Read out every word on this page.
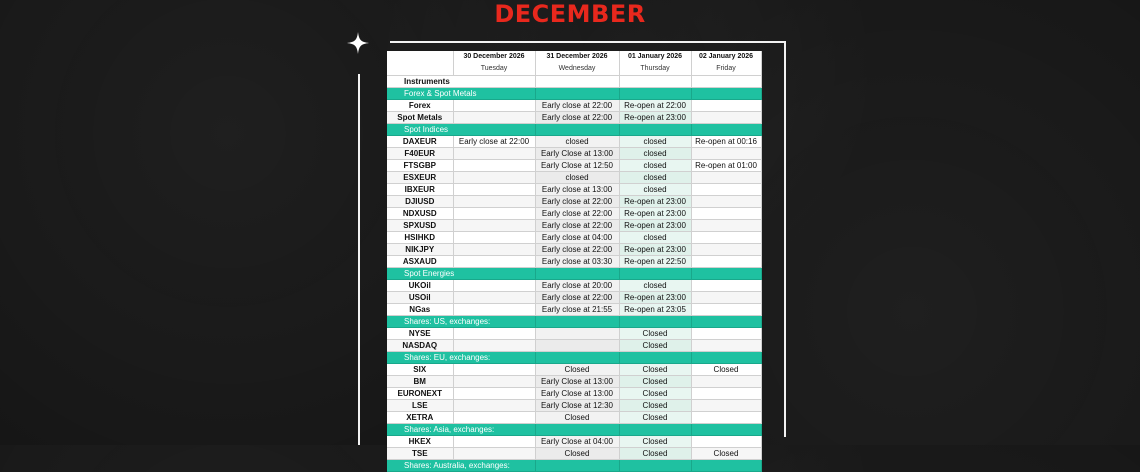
DECEMBER
	30 December 2026	31 December 2026	01 January 2026	02 January 2026
	Tuesday	Wednesday	Thursday	Friday
Instruments				
Forex & Spot Metals				
Forex		Early close at 22:00	Re-open at 22:00	
Spot Metals		Early close at 22:00	Re-open at 23:00	
Spot Indices				
DAXEUR	Early close at 22:00	closed	closed	Re-open at 00:16
F40EUR		Early Close at 13:00	closed	
FTSGBP		Early Close at 12:50	closed	Re-open at 01:00
ESXEUR		closed	closed	
IBXEUR		Early close at 13:00	closed	
DJIUSD		Early close at 22:00	Re-open at 23:00	
NDXUSD		Early close at 22:00	Re-open at 23:00	
SPXUSD		Early close at 22:00	Re-open at 23:00	
HSIHKD		Early close at 04:00	closed	
NIKJPY		Early close at 22:00	Re-open at 23:00	
ASXAUD		Early close at 03:30	Re-open at 22:50	
Spot Energies				
UKOil		Early close at 20:00	closed	
USOil		Early close at 22:00	Re-open at 23:00	
NGas		Early close at 21:55	Re-open at 23:05	
Shares: US, exchanges:				
NYSE			Closed	
NASDAQ			Closed	
Shares: EU, exchanges:				
SIX		Closed	Closed	Closed
BM		Early Close at 13:00	Closed	
EURONEXT		Early Close at 13:00	Closed	
LSE		Early Close at 12:30	Closed	
XETRA		Closed	Closed	
Shares: Asia, exchanges:				
HKEX		Early Close at 04:00	Closed	
TSE		Closed	Closed	Closed
Shares: Australia, exchanges:				
